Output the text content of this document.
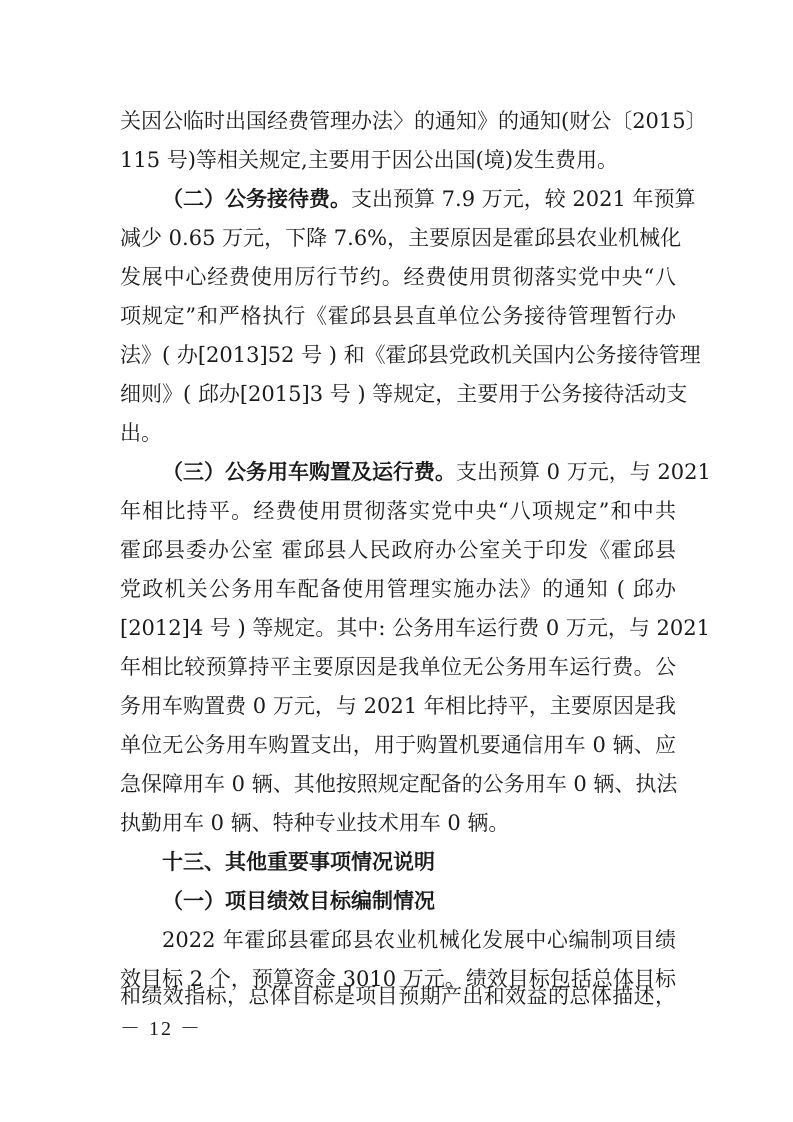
关因公临时出国经费管理办法〉的通知》的通知(财公〔2015〕
115 号)等相关规定,主要用于因公出国(境)发生费用。
（二）公务接待费。支出预算 7.9 万元，较 2021 年预算
减少 0.65 万元，下降 7.6%，主要原因是霍邱县农业机械化
发展中心经费使用厉行节约。经费使用贯彻落实党中央“八
项规定”和严格执行《霍邱县县直单位公务接待管理暂行办
法》( 办[2013]52 号 ) 和《霍邱县党政机关国内公务接待管理
细则》( 邱办[2015]3 号 ) 等规定，主要用于公务接待活动支
出。
（三）公务用车购置及运行费。支出预算 0 万元，与 2021
年相比持平。经费使用贯彻落实党中央“八项规定”和中共
霍邱县委办公室 霍邱县人民政府办公室关于印发《霍邱县
党政机关公务用车配备使用管理实施办法》的通知 ( 邱办
[2012]4 号 ) 等规定。其中: 公务用车运行费 0 万元，与 2021
年相比较预算持平主要原因是我单位无公务用车运行费。公
务用车购置费 0 万元，与 2021 年相比持平，主要原因是我
单位无公务用车购置支出，用于购置机要通信用车 0 辆、应
急保障用车 0 辆、其他按照规定配备的公务用车 0 辆、执法
执勤用车 0 辆、特种专业技术用车 0 辆。
十三、其他重要事项情况说明
（一）项目绩效目标编制情况
2022 年霍邱县霍邱县农业机械化发展中心编制项目绩
效目标 2 个，预算资金 3010 万元。绩效目标包括总体目标
和绩效指标，总体目标是项目预期产出和效益的总体描述，
－ 12 －
